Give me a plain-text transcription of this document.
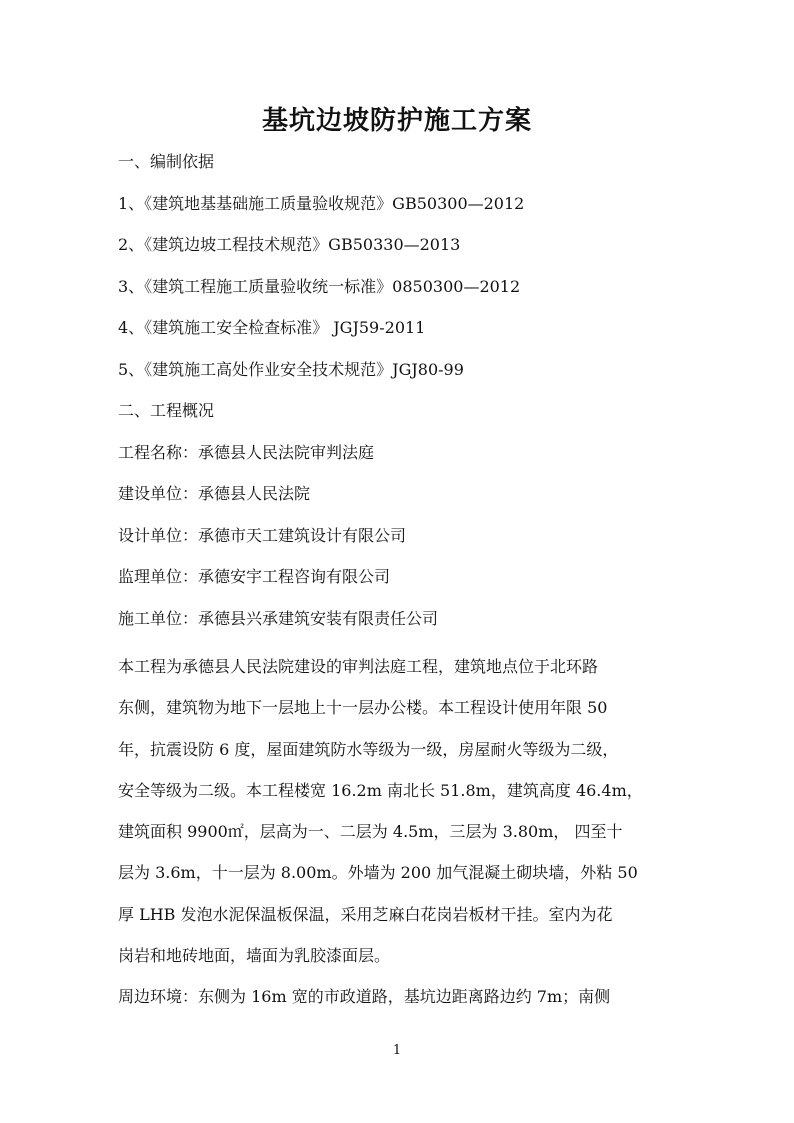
基坑边坡防护施工方案

一、编制依据

1、《建筑地基基础施工质量验收规范》GB50300—2012

2、《建筑边坡工程技术规范》GB50330—2013

3、《建筑工程施工质量验收统一标准》0850300—2012

4、《建筑施工安全检查标准》 JGJ59-2011

5、《建筑施工高处作业安全技术规范》JGJ80-99

二、工程概况

工程名称：承德县人民法院审判法庭

建设单位：承德县人民法院

设计单位：承德市天工建筑设计有限公司

监理单位：承德安宇工程咨询有限公司

施工单位：承德县兴承建筑安装有限责任公司

本工程为承德县人民法院建设的审判法庭工程，建筑地点位于北环路
东侧，建筑物为地下一层地上十一层办公楼。本工程设计使用年限 50
年，抗震设防 6 度，屋面建筑防水等级为一级，房屋耐火等级为二级，
安全等级为二级。本工程楼宽 16.2m 南北长 51.8m，建筑高度 46.4m，
建筑面积 9900㎡，层高为一、二层为 4.5m，三层为 3.80m， 四至十
层为 3.6m，十一层为 8.00m。外墙为 200 加气混凝土砌块墙，外粘 50
厚 LHB 发泡水泥保温板保温，采用芝麻白花岗岩板材干挂。室内为花
岗岩和地砖地面，墙面为乳胶漆面层。
周边环境：东侧为 16m 宽的市政道路，基坑边距离路边约 7m；南侧

1
